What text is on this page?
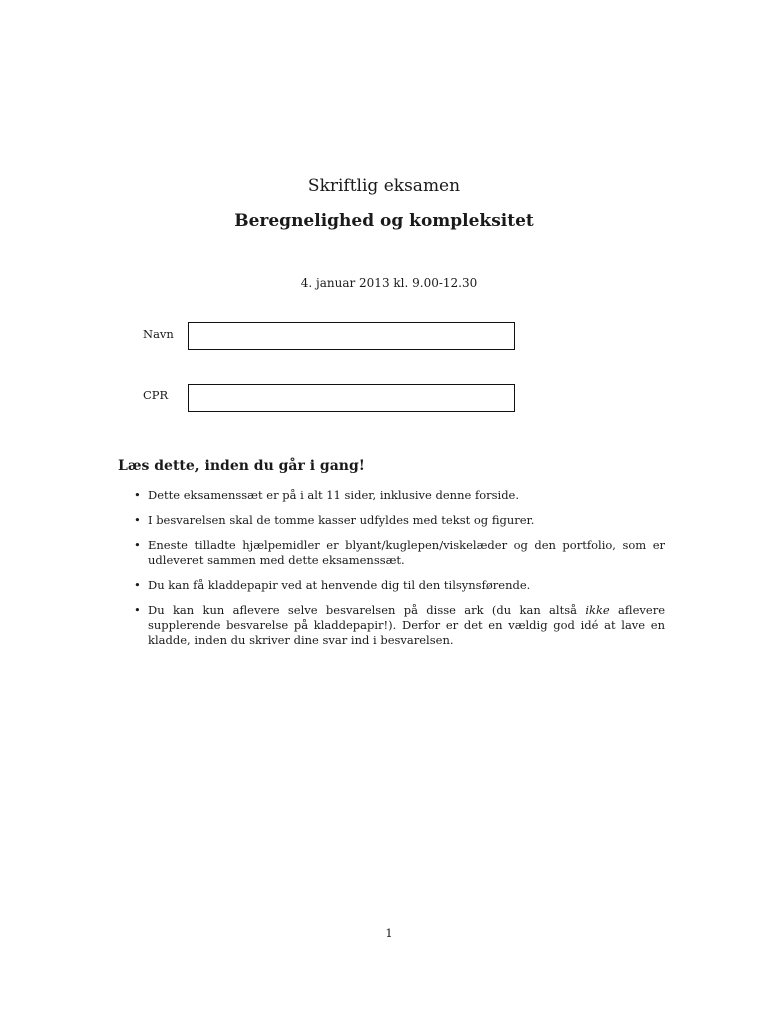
Skriftlig eksamen
Beregnelighed og kompleksitet
4. januar 2013 kl. 9.00-12.30
Navn
CPR
Læs dette, inden du går i gang!
• Dette eksamenssæt er på i alt 11 sider, inklusive denne forside.
• I besvarelsen skal de tomme kasser udfyldes med tekst og figurer.
• Eneste tilladte hjælpemidler er blyant/kuglepen/viskelæder og den portfolio, som er udleveret sammen med dette eksamenssæt.
• Du kan få kladdepapir ved at henvende dig til den tilsynsførende.
• Du kan kun aflevere selve besvarelsen på disse ark (du kan altså ikke aflevere supplerende besvarelse på kladdepapir!). Derfor er det en vældig god idé at lave en kladde, inden du skriver dine svar ind i besvarelsen.
1
